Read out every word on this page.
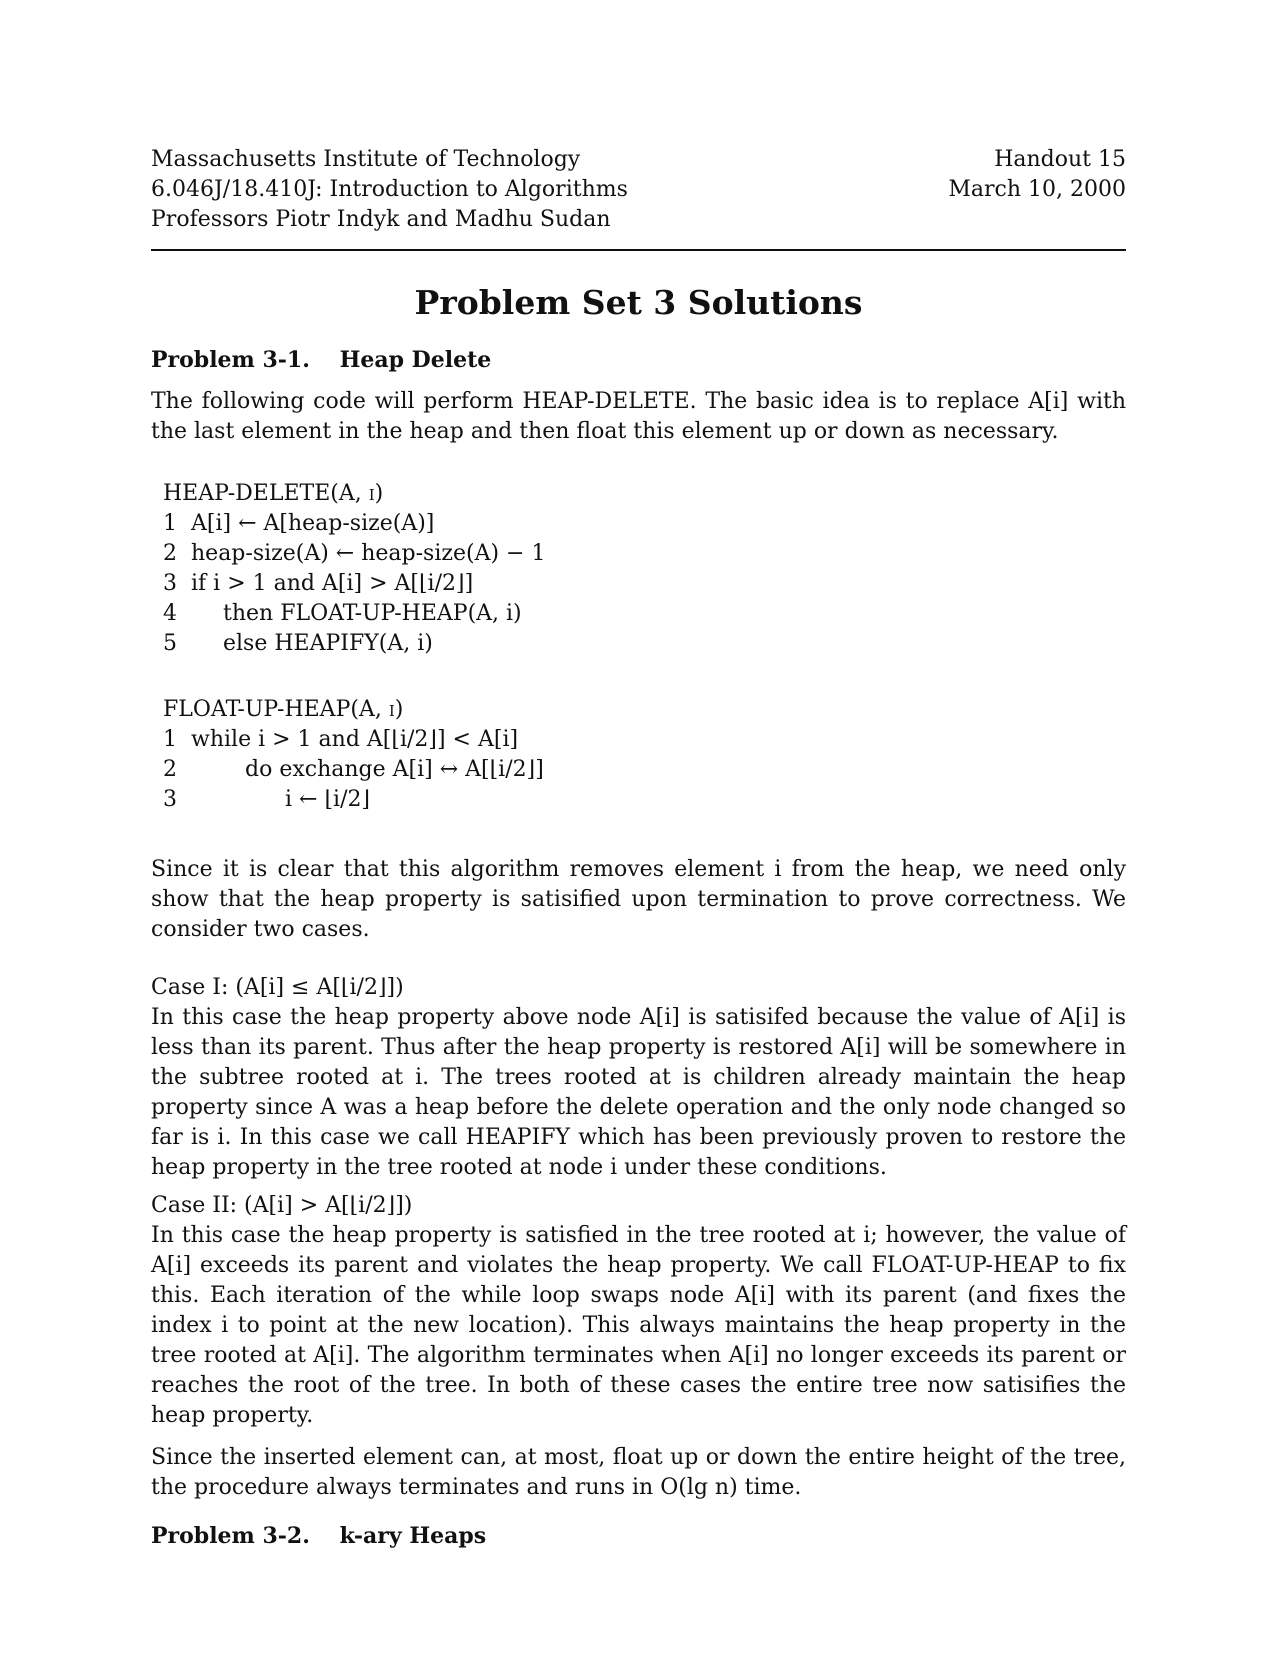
Massachusetts Institute of Technology
6.046J/18.410J: Introduction to Algorithms
Professors Piotr Indyk and Madhu Sudan
Handout 15
March 10, 2000
Problem Set 3 Solutions
Problem 3-1. Heap Delete

The following code will perform HEAP-DELETE. The basic idea is to replace A[i] with the last element in the heap and then float this element up or down as necessary.

HEAP-DELETE(A, i)
1 A[i] ← A[heap-size(A)]
2 heap-size(A) ← heap-size(A) − 1
3 if i > 1 and A[i] > A[⌊i/2⌋]
4	then FLOAT-UP-HEAP(A, i)
5	else HEAPIFY(A, i)
FLOAT-UP-HEAP(A, i)
1 while i > 1 and A[⌊i/2⌋] < A[i]
2	do exchange A[i] ↔ A[⌊i/2⌋]
3	i ← ⌊i/2⌋

Since it is clear that this algorithm removes element i from the heap, we need only show that the heap property is satisified upon termination to prove correctness. We consider two cases.

Case I: (A[i] ≤ A[⌊i/2⌋])

In this case the heap property above node A[i] is satisifed because the value of A[i] is less than its parent. Thus after the heap property is restored A[i] will be somewhere in the subtree rooted at i. The trees rooted at is children already maintain the heap property since A was a heap before the delete operation and the only node changed so far is i. In this case we call HEAPIFY which has been previously proven to restore the heap property in the tree rooted at node i under these conditions.

Case II: (A[i] > A[⌊i/2⌋])

In this case the heap property is satisfied in the tree rooted at i; however, the value of A[i] exceeds its parent and violates the heap property. We call FLOAT-UP-HEAP to fix this. Each iteration of the while loop swaps node A[i] with its parent (and fixes the index i to point at the new location). This always maintains the heap property in the tree rooted at A[i]. The algorithm terminates when A[i] no longer exceeds its parent or reaches the root of the tree. In both of these cases the entire tree now satisifies the heap property.

Since the inserted element can, at most, float up or down the entire height of the tree, the procedure always terminates and runs in O(lg n) time.

Problem 3-2. k-ary Heaps
